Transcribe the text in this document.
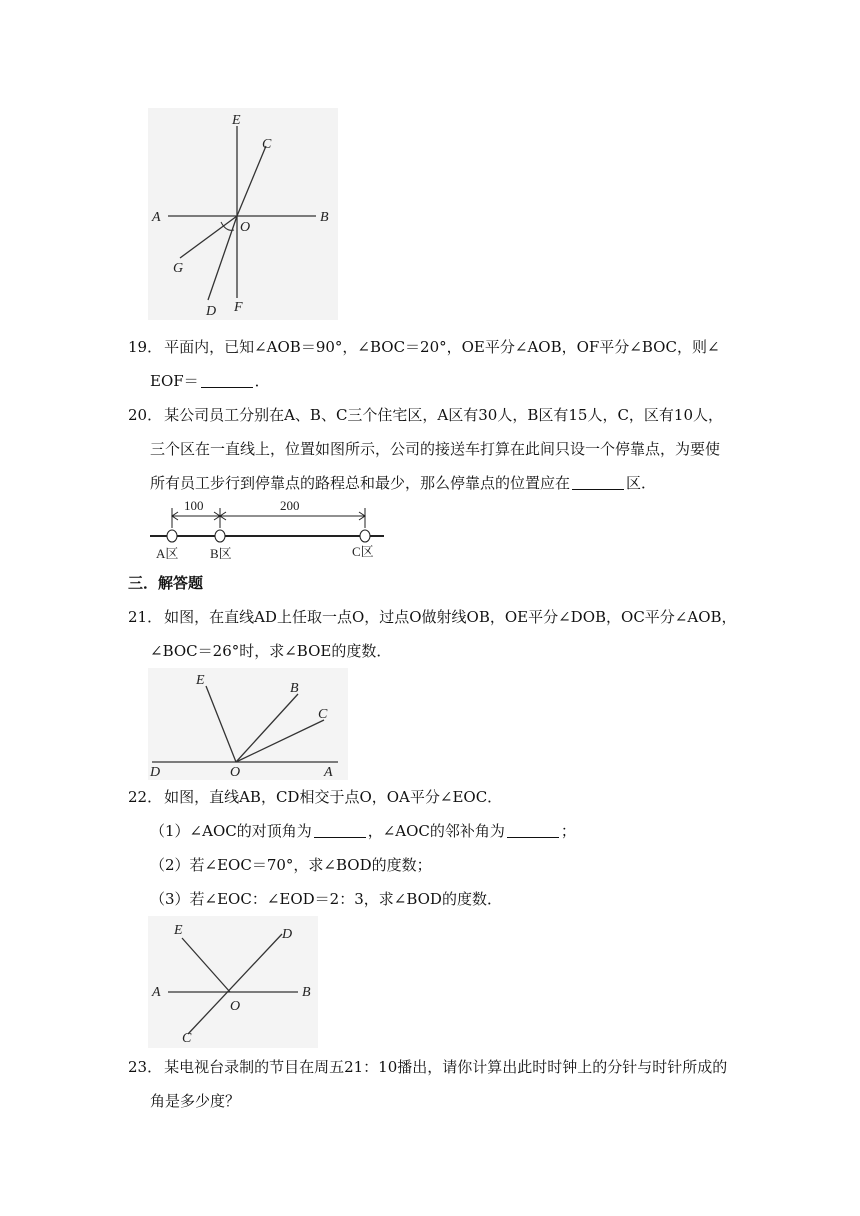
E
C
A
O
B
G
D F
19． 平面内，已知∠AOB＝90°，∠BOC＝20°，OE平分∠AOB，OF平分∠BOC，则∠
EOF＝	．
20． 某公司员工分别在A、B、C三个住宅区，A区有30人，B区有15人，C，区有10人，
三个区在一直线上，位置如图所示，公司的接送车打算在此间只设一个停靠点，为要使
所有员工步行到停靠点的路程总和最少，那么停靠点的位置应在	区．
100	200
A区 B区	C区
三．解答题
21． 如图，在直线AD上任取一点O，过点O做射线OB，OE平分∠DOB，OC平分∠AOB，
∠BOC＝26°时，求∠BOE的度数．
E
B
C
D	O	A
22． 如图，直线AB，CD相交于点O，OA平分∠EOC．
（1）∠AOC的对顶角为	，∠AOC的邻补角为	；
（2）若∠EOC＝70°，求∠BOD的度数；
（3）若∠EOC：∠EOD＝2：3，求∠BOD的度数．
E	D
A
O
B
C
23． 某电视台录制的节目在周五21：10播出，请你计算出此时时钟上的分针与时针所成的
角是多少度？
